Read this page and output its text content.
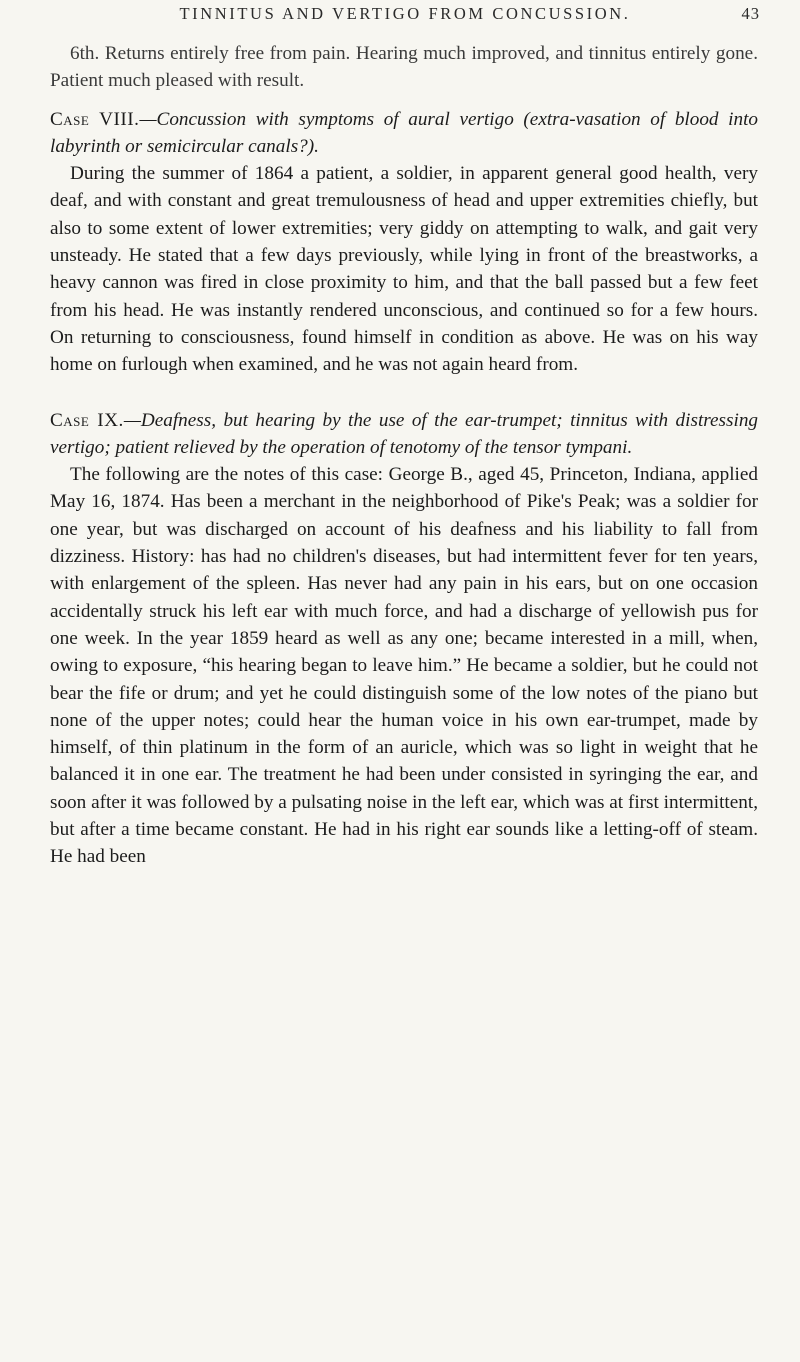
TINNITUS AND VERTIGO FROM CONCUSSION.	43

6th. Returns entirely free from pain. Hearing much improved, and tinnitus entirely gone. Patient much pleased with result.

Case VIII.—Concussion with symptoms of aural vertigo (extra-vasation of blood into labyrinth or semicircular canals?).

During the summer of 1864 a patient, a soldier, in apparent general good health, very deaf, and with constant and great tremulousness of head and upper extremities chiefly, but also to some extent of lower extremities; very giddy on attempting to walk, and gait very unsteady. He stated that a few days previously, while lying in front of the breastworks, a heavy cannon was fired in close proximity to him, and that the ball passed but a few feet from his head. He was instantly rendered unconscious, and continued so for a few hours. On returning to consciousness, found himself in condition as above. He was on his way home on furlough when examined, and he was not again heard from.

Case IX.—Deafness, but hearing by the use of the ear-trumpet; tinnitus with distressing vertigo; patient relieved by the operation of tenotomy of the tensor tympani.

The following are the notes of this case: George B., aged 45, Princeton, Indiana, applied May 16, 1874. Has been a merchant in the neighborhood of Pike's Peak; was a soldier for one year, but was discharged on account of his deafness and his liability to fall from dizziness. History: has had no children's diseases, but had intermittent fever for ten years, with enlargement of the spleen. Has never had any pain in his ears, but on one occasion accidentally struck his left ear with much force, and had a discharge of yellowish pus for one week. In the year 1859 heard as well as any one; became interested in a mill, when, owing to exposure, “his hearing began to leave him.” He became a soldier, but he could not bear the fife or drum; and yet he could distinguish some of the low notes of the piano but none of the upper notes; could hear the human voice in his own ear-trumpet, made by himself, of thin platinum in the form of an auricle, which was so light in weight that he balanced it in one ear. The treatment he had been under consisted in syringing the ear, and soon after it was followed by a pulsating noise in the left ear, which was at first intermittent, but after a time became constant. He had in his right ear sounds like a letting-off of steam. He had been
